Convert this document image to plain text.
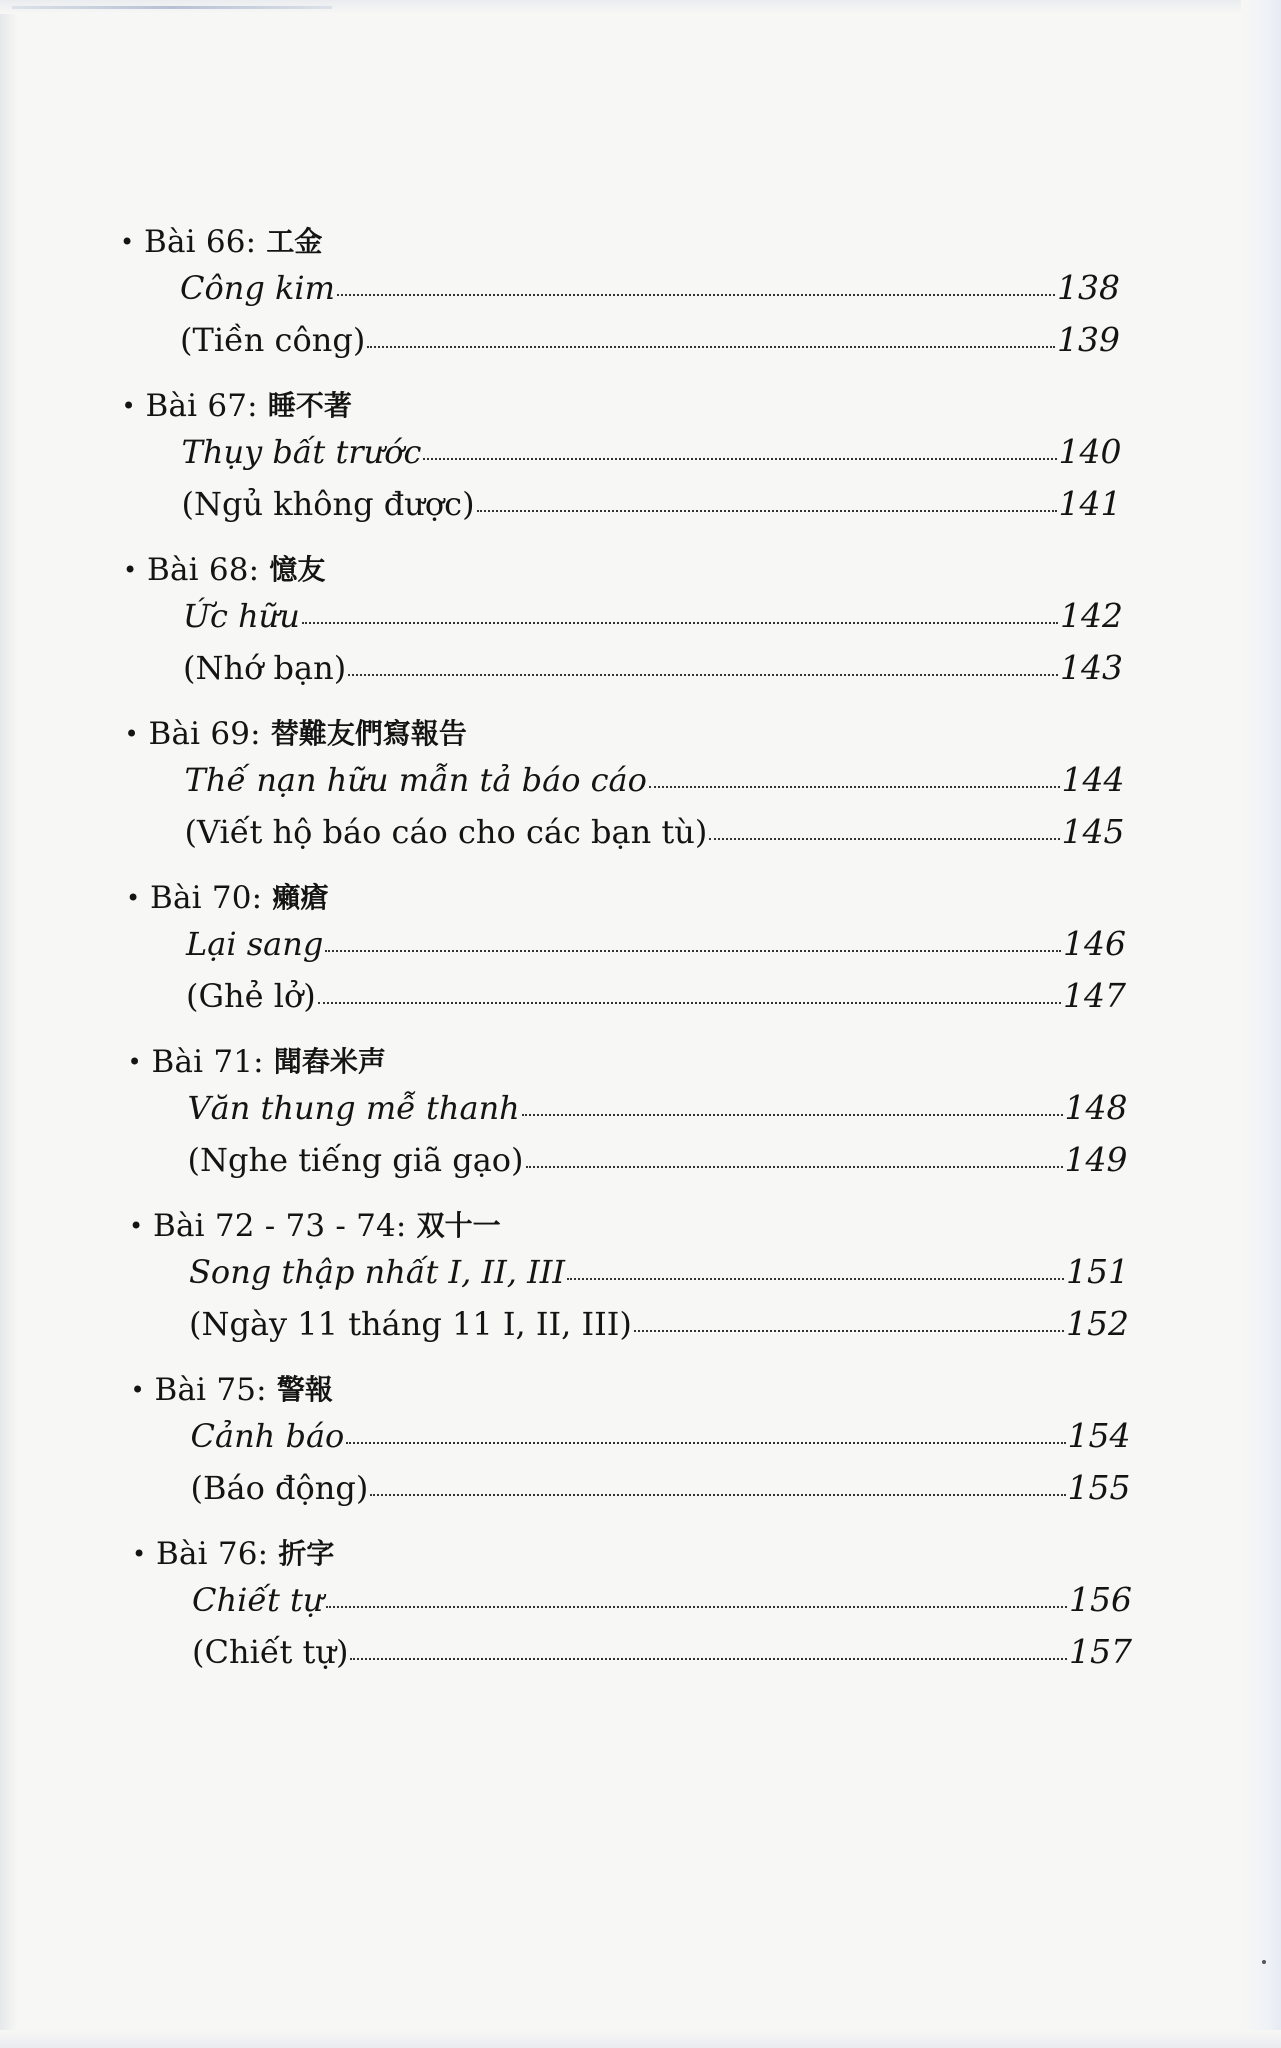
• Bài 66: 工金
Công kim	138
(Tiền công)	139
• Bài 67: 睡不著
Thụy bất trước	140
(Ngủ không được)	141
• Bài 68: 憶友
Ức hữu	142
(Nhớ bạn)	143
• Bài 69: 替難友們寫報告
Thế nạn hữu mẫn tả báo cáo	144
(Viết hộ báo cáo cho các bạn tù)	145
• Bài 70: 癩瘡
Lại sang	146
(Ghẻ lở)	147
• Bài 71: 聞舂米声
Văn thung mễ thanh	148
(Nghe tiếng giã gạo)	149
• Bài 72 - 73 - 74: 双十一
Song thập nhất I, II, III	151
(Ngày 11 tháng 11 I, II, III)	152
• Bài 75: 警報
Cảnh báo	154
(Báo động)	155
• Bài 76: 折字
Chiết tự	156
(Chiết tự)	157
